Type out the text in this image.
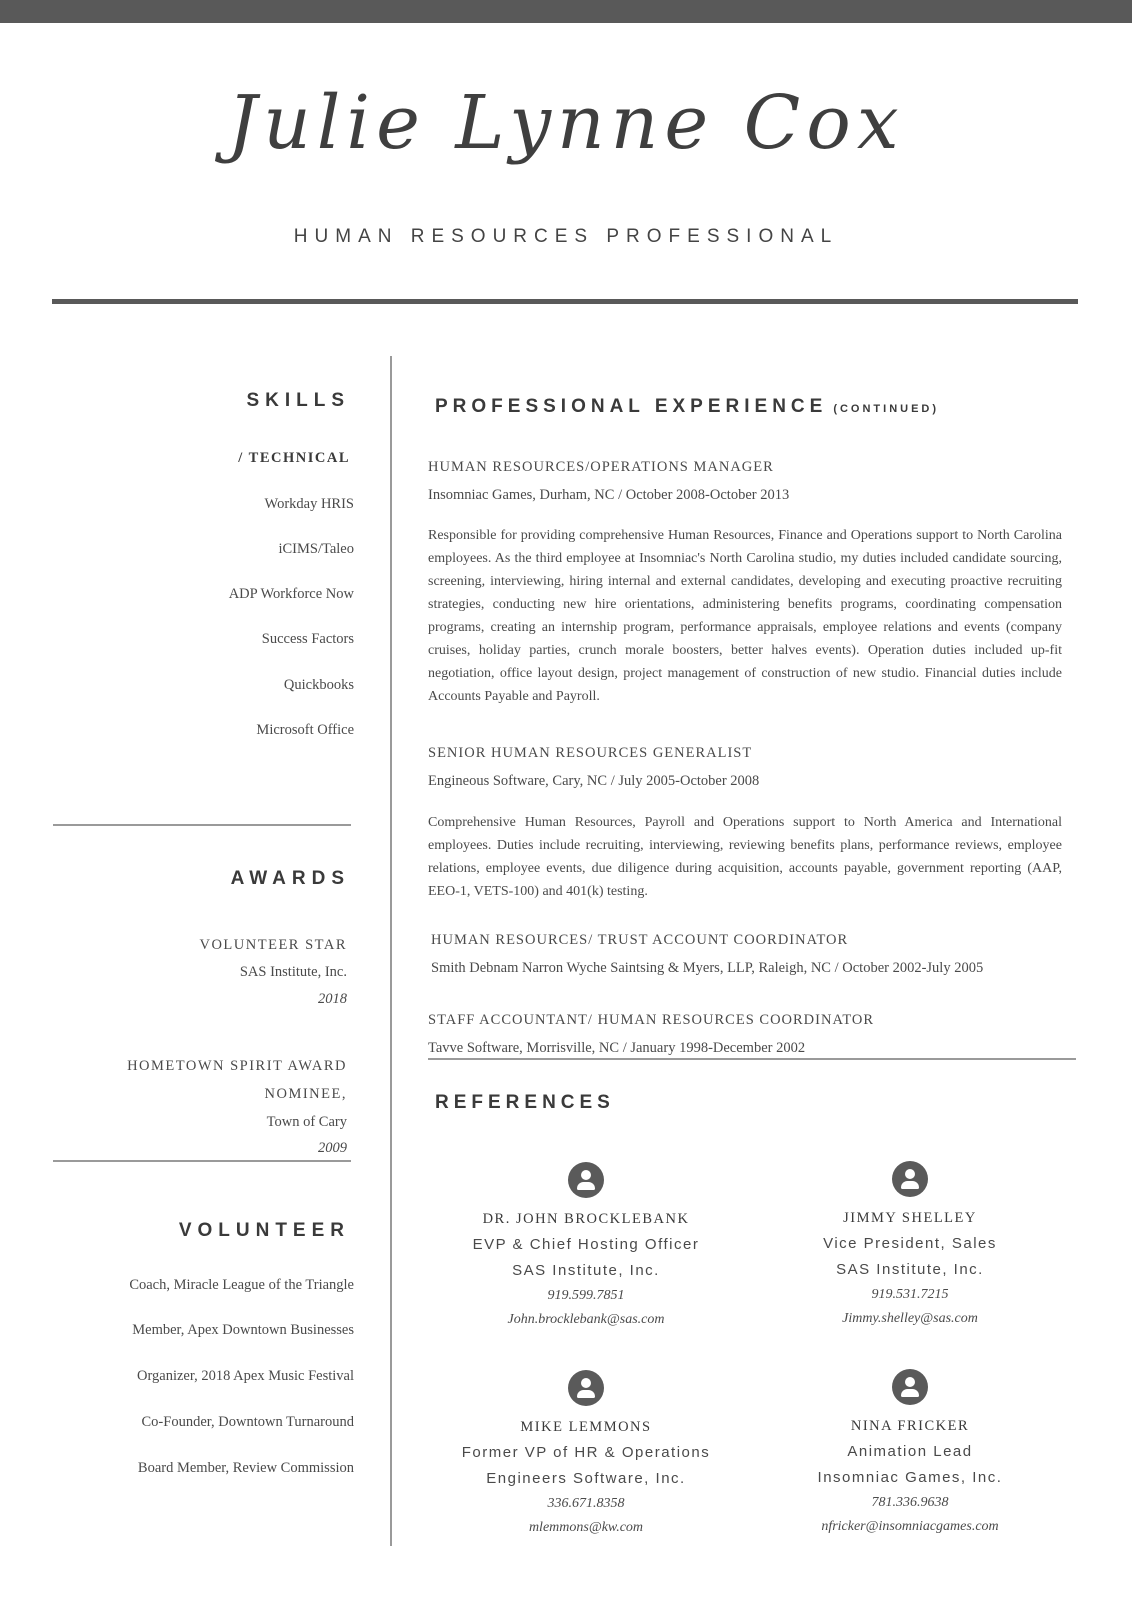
Julie Lynne Cox
HUMAN RESOURCES PROFESSIONAL
SKILLS
/ TECHNICAL
Workday HRIS
iCIMS/Taleo
ADP Workforce Now
Success Factors
Quickbooks
Microsoft Office
AWARDS
VOLUNTEER STAR
SAS Institute, Inc.
2018
HOMETOWN SPIRIT AWARD
NOMINEE,
Town of Cary
2009
VOLUNTEER
Coach, Miracle League of the Triangle
Member, Apex Downtown Businesses
Organizer, 2018 Apex Music Festival
Co-Founder, Downtown Turnaround
Board Member, Review Commission
PROFESSIONAL EXPERIENCE (CONTINUED)
HUMAN RESOURCES/OPERATIONS MANAGER
Insomniac Games, Durham, NC / October 2008-October 2013
Responsible for providing comprehensive Human Resources, Finance and Operations support to North Carolina employees. As the third employee at Insomniac's North Carolina studio, my duties included candidate sourcing, screening, interviewing, hiring internal and external candidates, developing and executing proactive recruiting strategies, conducting new hire orientations, administering benefits programs, coordinating compensation programs, creating an internship program, performance appraisals, employee relations and events (company cruises, holiday parties, crunch morale boosters, better halves events). Operation duties included up-fit negotiation, office layout design, project management of construction of new studio. Financial duties include Accounts Payable and Payroll.
SENIOR HUMAN RESOURCES GENERALIST
Engineous Software, Cary, NC / July 2005-October 2008
Comprehensive Human Resources, Payroll and Operations support to North America and International employees. Duties include recruiting, interviewing, reviewing benefits plans, performance reviews, employee relations, employee events, due diligence during acquisition, accounts payable, government reporting (AAP, EEO-1, VETS-100) and 401(k) testing.
HUMAN RESOURCES/ TRUST ACCOUNT COORDINATOR
Smith Debnam Narron Wyche Saintsing & Myers, LLP, Raleigh, NC / October 2002-July 2005
STAFF ACCOUNTANT/ HUMAN RESOURCES COORDINATOR
Tavve Software, Morrisville, NC / January 1998-December 2002
REFERENCES
DR. JOHN BROCKLEBANK
EVP & Chief Hosting Officer
SAS Institute, Inc.
919.599.7851
John.brocklebank@sas.com
JIMMY SHELLEY
Vice President, Sales
SAS Institute, Inc.
919.531.7215
Jimmy.shelley@sas.com
MIKE LEMMONS
Former VP of HR & Operations
Engineers Software, Inc.
336.671.8358
mlemmons@kw.com
NINA FRICKER
Animation Lead
Insomniac Games, Inc.
781.336.9638
nfricker@insomniacgames.com
